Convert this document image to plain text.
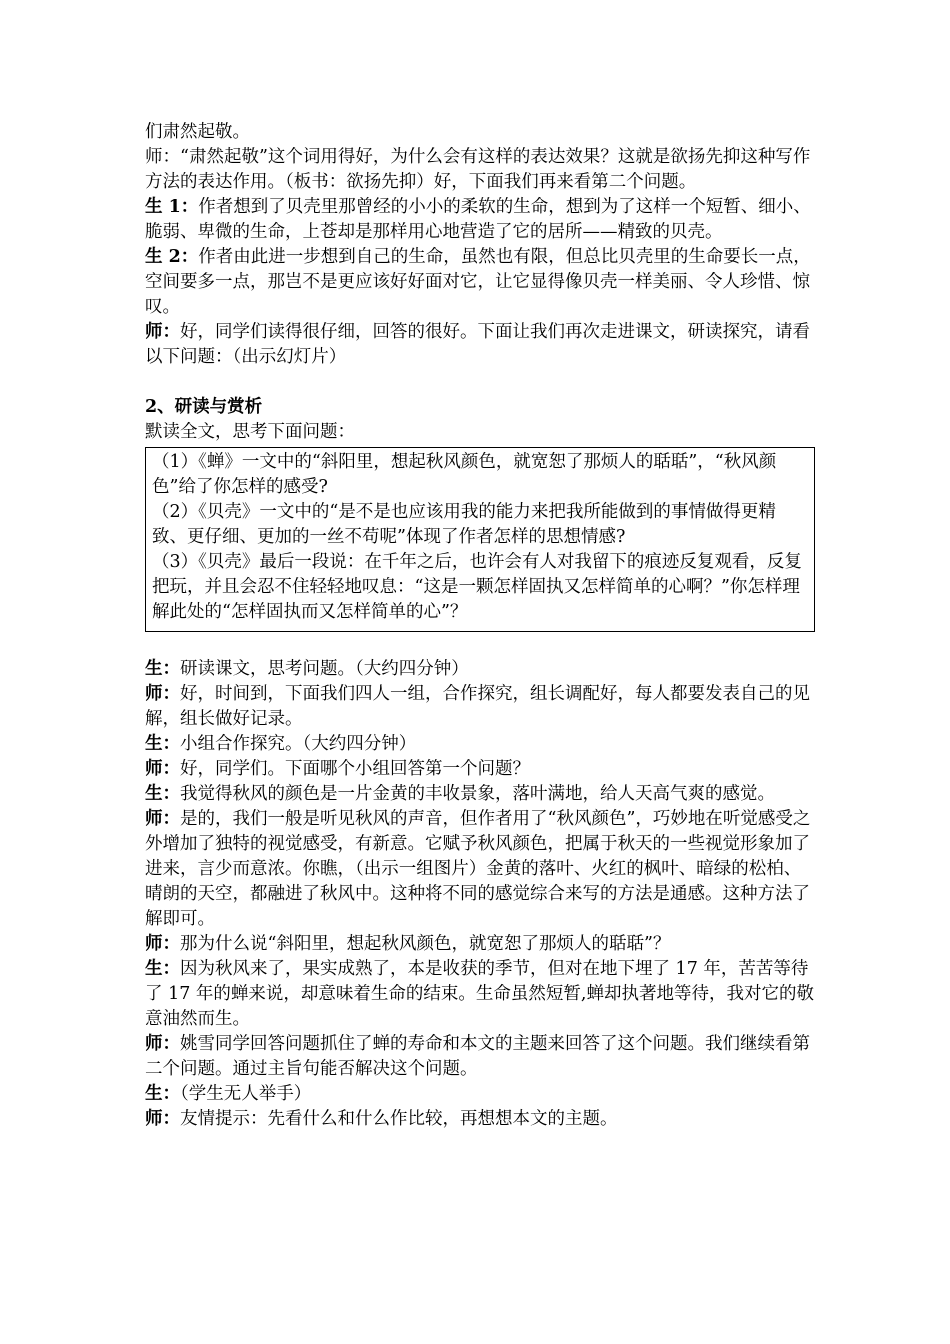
们肃然起敬。

师：“肃然起敬”这个词用得好，为什么会有这样的表达效果？这就是欲扬先抑这种写作方法的表达作用。（板书：欲扬先抑）好，下面我们再来看第二个问题。

生 1：作者想到了贝壳里那曾经的小小的柔软的生命，想到为了这样一个短暂、细小、脆弱、卑微的生命，上苍却是那样用心地营造了它的居所——精致的贝壳。

生 2：作者由此进一步想到自己的生命，虽然也有限，但总比贝壳里的生命要长一点，空间要多一点，那岂不是更应该好好面对它，让它显得像贝壳一样美丽、令人珍惜、惊叹。

师：好，同学们读得很仔细，回答的很好。下面让我们再次走进课文，研读探究，请看以下问题：（出示幻灯片）

2、研读与赏析

默读全文，思考下面问题：

（1）《蝉》一文中的“斜阳里，想起秋风颜色，就宽恕了那烦人的聒聒”，“秋风颜色”给了你怎样的感受?

（2）《贝壳》一文中的“是不是也应该用我的能力来把我所能做到的事情做得更精致、更仔细、更加的一丝不苟呢”体现了作者怎样的思想情感?

（3）《贝壳》最后一段说：在千年之后，也许会有人对我留下的痕迹反复观看，反复把玩，并且会忍不住轻轻地叹息：“这是一颗怎样固执又怎样简单的心啊？”你怎样理解此处的“怎样固执而又怎样简单的心”？

生：研读课文，思考问题。（大约四分钟）

师：好，时间到，下面我们四人一组，合作探究，组长调配好，每人都要发表自己的见解，组长做好记录。

生：小组合作探究。（大约四分钟）

师：好，同学们。下面哪个小组回答第一个问题？

生：我觉得秋风的颜色是一片金黄的丰收景象，落叶满地，给人天高气爽的感觉。

师：是的，我们一般是听见秋风的声音，但作者用了“秋风颜色”，巧妙地在听觉感受之外增加了独特的视觉感受，有新意。它赋予秋风颜色，把属于秋天的一些视觉形象加了进来，言少而意浓。你瞧，（出示一组图片）金黄的落叶、火红的枫叶、暗绿的松柏、晴朗的天空，都融进了秋风中。这种将不同的感觉综合来写的方法是通感。这种方法了解即可。

师：那为什么说“斜阳里，想起秋风颜色，就宽恕了那烦人的聒聒”？

生：因为秋风来了，果实成熟了，本是收获的季节，但对在地下埋了 17 年，苦苦等待了 17 年的蝉来说，却意味着生命的结束。生命虽然短暂,蝉却执著地等待，我对它的敬意油然而生。

师：姚雪同学回答问题抓住了蝉的寿命和本文的主题来回答了这个问题。我们继续看第二个问题。通过主旨句能否解决这个问题。

生：（学生无人举手）

师：友情提示：先看什么和什么作比较，再想想本文的主题。
